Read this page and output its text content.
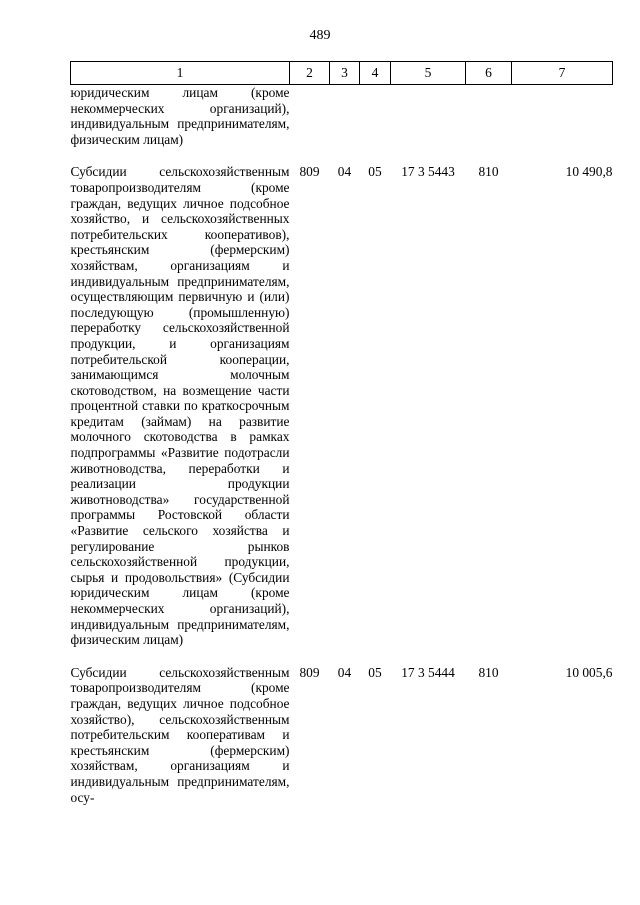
489
1	2	3	4	5	6	7
юридическим лицам (кроме некоммерческих организаций), индивидуальным предпринимателям, физическим лицам)						

Субсидии сельскохозяйственным товаропроизводителям (кроме граждан, ведущих личное подсобное хозяйство, и сельскохозяйственных потребительских кооперативов), крестьянским (фермерским) хозяйствам, организациям и индивидуальным предпринимателям, осуществляющим первичную и (или) последующую (промышленную) переработку сельскохозяйственной продукции, и организациям потребительской кооперации, занимающимся молочным скотоводством, на возмещение части процентной ставки по краткосрочным кредитам (займам) на развитие молочного скотоводства в рамках подпрограммы «Развитие подотрасли животноводства, переработки и реализации продукции животноводства» государственной программы Ростовской области «Развитие сельского хозяйства и регулирование рынков сельскохозяйственной продукции, сырья и продовольствия» (Субсидии юридическим лицам (кроме некоммерческих организаций), индивидуальным предпринимателям, физическим лицам)	809	04	05	17 3 5443	810	10 490,8

Субсидии сельскохозяйственным товаропроизводителям (кроме граждан, ведущих личное подсобное хозяйство), сельскохозяйственным потребительским кооперативам и крестьянским (фермерским) хозяйствам, организациям и индивидуальным предпринимателям, осу-	809	04	05	17 3 5444	810	10 005,6
